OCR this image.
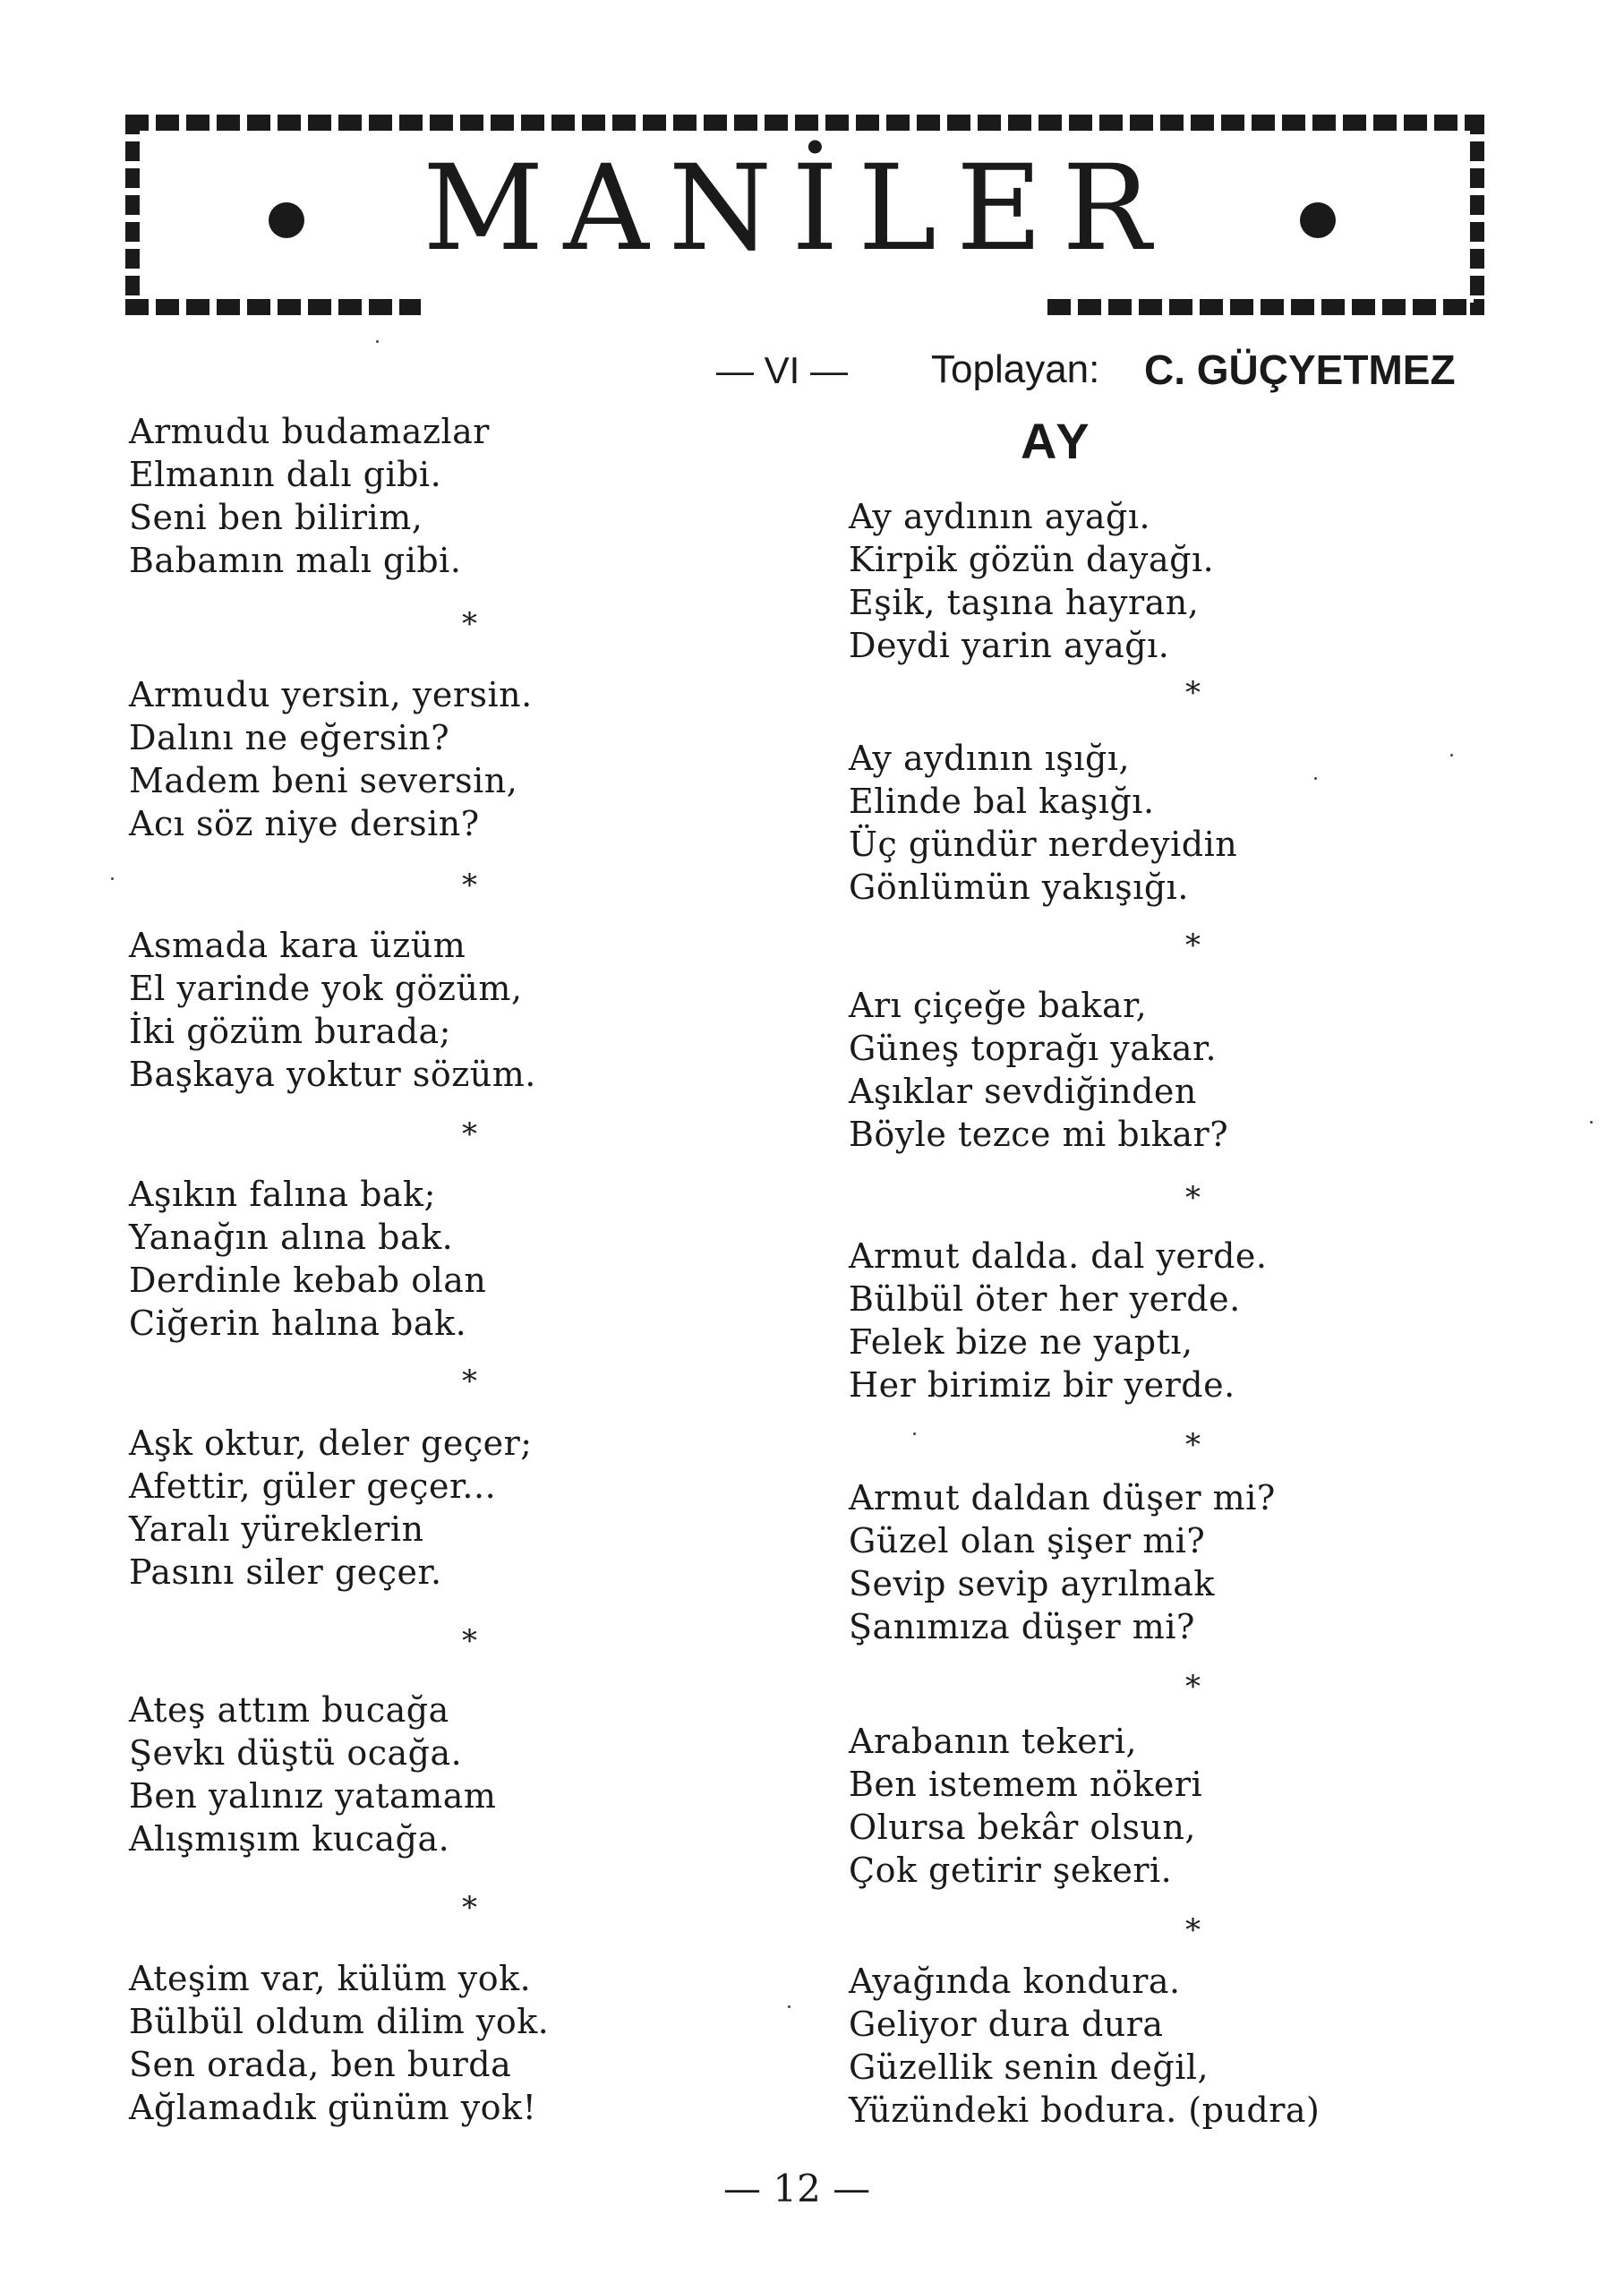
MANİLER
— VI — Toplayan: C. GÜÇYETMEZ
AY
Armudu budamazlar
Elmanın dalı gibi.
Seni ben bilirim,
Babamın malı gibi.
*
Armudu yersin, yersin.
Dalını ne eğersin?
Madem beni seversin,
Acı söz niye dersin?
*
Asmada kara üzüm
El yarinde yok gözüm,
İki gözüm burada;
Başkaya yoktur sözüm.
*
Aşıkın falına bak;
Yanağın alına bak.
Derdinle kebab olan
Ciğerin halına bak.
*
Aşk oktur, deler geçer;
Afettir, güler geçer...
Yaralı yüreklerin
Pasını siler geçer.
*
Ateş attım bucağa
Şevkı düştü ocağa.
Ben yalınız yatamam
Alışmışım kucağa.
*
Ateşim var, külüm yok.
Bülbül oldum dilim yok.
Sen orada, ben burda
Ağlamadık günüm yok!
Ay aydının ayağı.
Kirpik gözün dayağı.
Eşik, taşına hayran,
Deydi yarin ayağı.
*
Ay aydının ışığı,
Elinde bal kaşığı.
Üç gündür nerdeyidin
Gönlümün yakışığı.
*
Arı çiçeğe bakar,
Güneş toprağı yakar.
Aşıklar sevdiğinden
Böyle tezce mi bıkar?
*
Armut dalda. dal yerde.
Bülbül öter her yerde.
Felek bize ne yaptı,
Her birimiz bir yerde.
*
Armut daldan düşer mi?
Güzel olan şişer mi?
Sevip sevip ayrılmak
Şanımıza düşer mi?
*
Arabanın tekeri,
Ben istemem nökeri
Olursa bekâr olsun,
Çok getirir şekeri.
*
Ayağında kondura.
Geliyor dura dura
Güzellik senin değil,
Yüzündeki bodura. (pudra)
— 12 —
